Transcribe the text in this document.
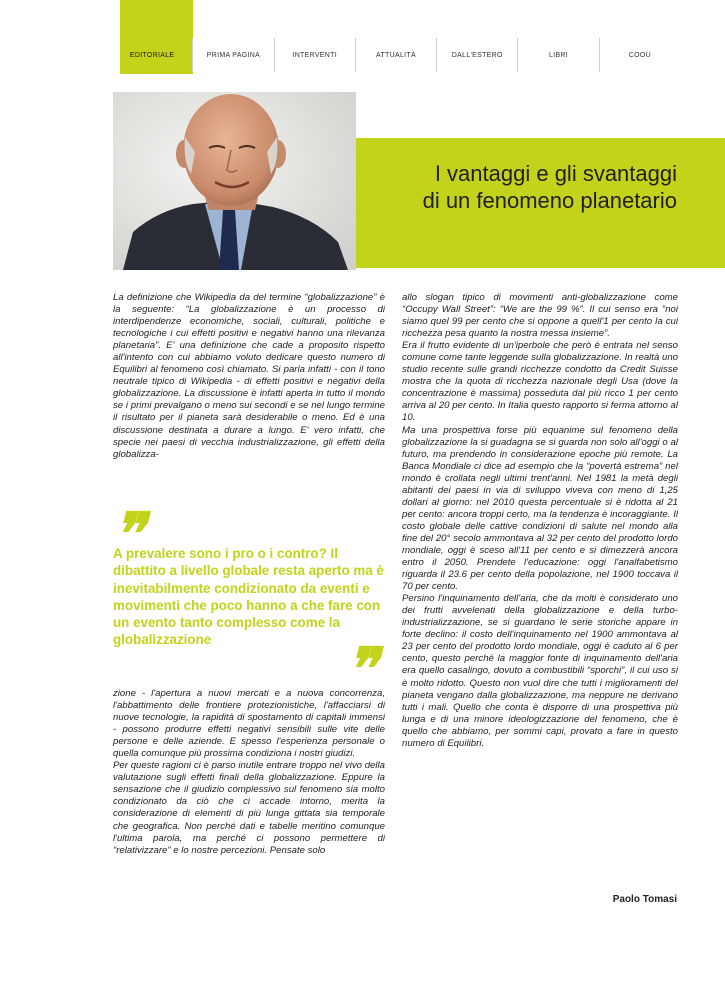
EDITORIALE	PRIMA PAGINA	INTERVENTI	ATTUALITÀ	DALL'ESTERO	LIBRI	COOU
I vantaggi e gli svantaggi
di un fenomeno planetario

La definizione che Wikipedia da del termine “globalizzazione” è la seguente: “La globalizzazione è un processo di interdipendenze economiche, sociali, culturali, politiche e tecnologiche i cui effetti positivi e negativi hanno una rilevanza planetaria”. E' una definizione che cade a proposito rispetto all'intento con cui abbiamo voluto dedicare questo numero di Equilibri al fenomeno così chiamato. Si parla infatti - con il tono neutrale tipico di Wikipedia - di effetti positivi e negativi della globalizzazione. La discussione è infatti aperta in tutto il mondo se i primi prevalgano o meno sui secondi e se nel lungo termine il risultato per il pianeta sarà desiderabile o meno. Ed è una discussione destinata a durare a lungo. E' vero infatti, che specie nei paesi di vecchia industrializzazione, gli effetti della globalizza-

❞
A prevalere sono i pro o i contro? Il dibattito a livello globale resta aperto ma è inevitabilmente condizionato da eventi e movimenti che poco hanno a che fare con un evento tanto complesso come la globalizzazione	❞

zione - l'apertura a nuovi mercati e a nuova concorrenza, l'abbattimento delle frontiere protezionistiche, l'affacciarsi di nuove tecnologie, la rapidità di spostamento di capitali immensi - possono produrre effetti negativi sensibili sulle vite delle persone e delle aziende. E spesso l'esperienza personale o quella comunque più prossima condiziona i nostri giudizi.

Per queste ragioni ci è parso inutile entrare troppo nel vivo della valutazione sugli effetti finali della globalizzazione. Eppure la sensazione che il giudizio complessivo sul fenomeno sia molto condizionato da ciò che ci accade intorno, merita la considerazione di elementi di più lunga gittata sia temporale che geografica. Non perché dati e tabelle meritino comunque l'ultima parola, ma perché ci possono permettere di “relativizzare” e lo nostre percezioni. Pensate solo

allo slogan tipico di movimenti anti-globalizzazione come “Occupy Wall Street”: “We are the 99 %”. Il cui senso era “noi siamo quel 99 per cento che si oppone a quell'1 per cento la cui ricchezza pesa quanto la nostra messa insieme”.

Era il frutto evidente di un'iperbole che però è entrata nel senso comune come tante leggende sulla globalizzazione. In realtà uno studio recente sulle grandi ricchezze condotto da Credit Suisse mostra che la quota di ricchezza nazionale degli Usa (dove la concentrazione è massima) posseduta dal più ricco 1 per cento arriva al 20 per cento. In Italia questo rapporto si ferma attorno al 10.

Ma una prospettiva forse più equanime sul fenomeno della globalizzazione la si guadagna se si guarda non solo all'oggi o al futuro, ma prendendo in considerazione epoche più remote. La Banca Mondiale ci dice ad esempio che la “povertà estrema” nel mondo è crollata negli ultimi trent'anni. Nel 1981 la metà degli abitanti dei paesi in via di sviluppo viveva con meno di 1,25 dollari al giorno: nel 2010 questa percentuale si è ridotta al 21 per cento: ancora troppi certo, ma la tendenza è incoraggiante. Il costo globale delle cattive condizioni di salute nel mondo alla fine del 20° secolo ammontava al 32 per cento del prodotto lordo mondiale, oggi è sceso all'11 per cento e si dimezzerà ancora entro il 2050. Prendete l'educazione: oggi l'analfabetismo riguarda il 23.6 per cento della popolazione, nel 1900 toccava il 70 per cento.

Persino l'inquinamento dell'aria, che da molti è considerato uno dei frutti avvelenati della globalizzazione e della turbo-industrializzazione, se si guardano le serie storiche appare in forte declino: il costo dell'inquinamento nel 1900 ammontava al 23 per cento del prodotto lordo mondiale, oggi è caduto al 6 per cento, questo perché la maggior fonte di inquinamento dell'aria era quello casalingo, dovuto a combustibili “sporchi”, il cui uso si è molto ridotto. Questo non vuol dire che tutti i miglioramenti del pianeta vengano dalla globalizzazione, ma neppure ne derivano tutti i mali. Quello che conta è disporre di una prospettiva più lunga e di una minore ideologizzazione del fenomeno, che è quello che abbiamo, per sommi capi, provato a fare in questo numero di Equilibri.

Paolo Tomasi
